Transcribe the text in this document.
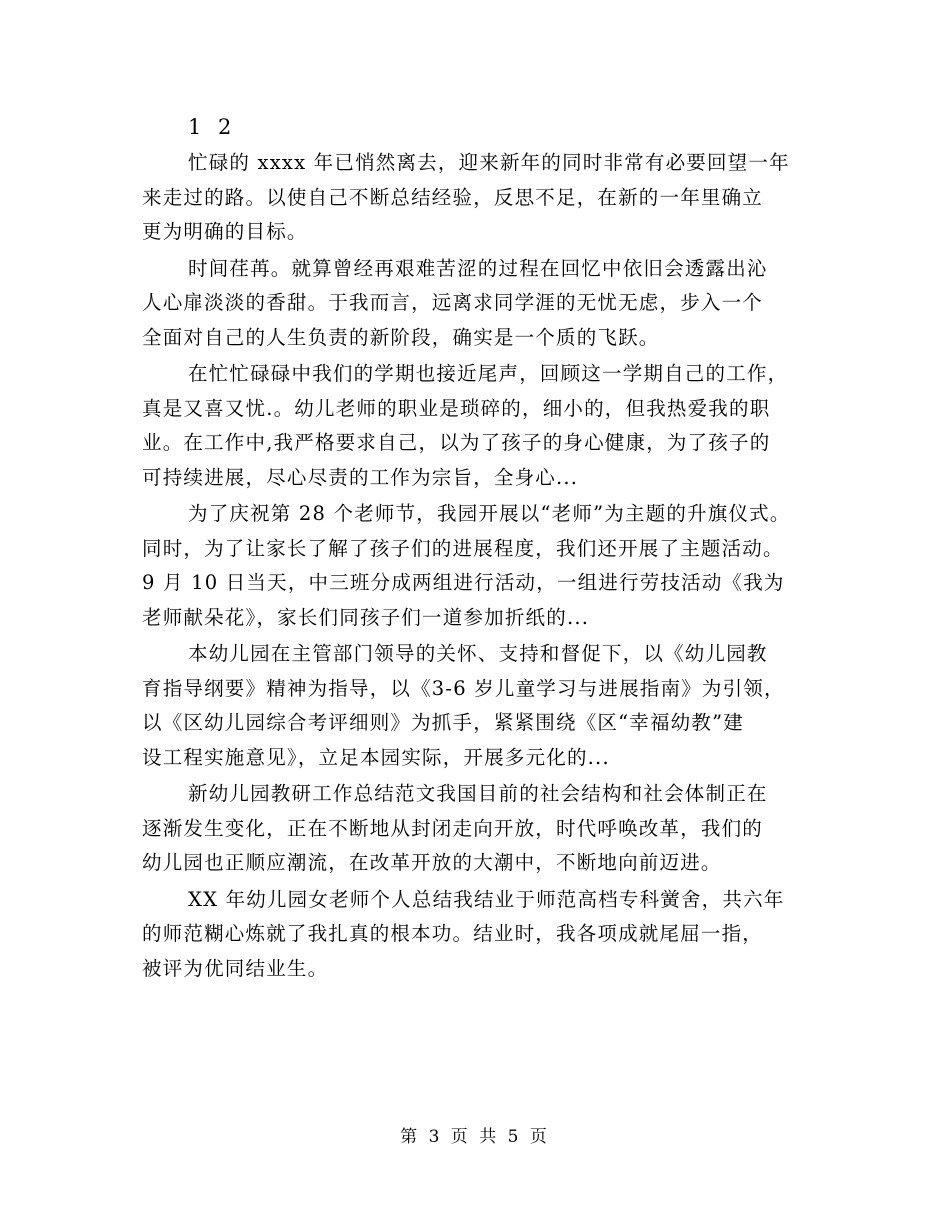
1 2
忙碌的 xxxx 年已悄然离去，迎来新年的同时非常有必要回望一年
来走过的路。以使自己不断总结经验，反思不足，在新的一年里确立
更为明确的目标。
时间荏苒。就算曾经再艰难苦涩的过程在回忆中依旧会透露出沁
人心扉淡淡的香甜。于我而言，远离求同学涯的无忧无虑，步入一个
全面对自己的人生负责的新阶段，确实是一个质的飞跃。
在忙忙碌碌中我们的学期也接近尾声，回顾这一学期自己的工作，
真是又喜又忧.。幼儿老师的职业是琐碎的，细小的，但我热爱我的职
业。在工作中,我严格要求自己，以为了孩子的身心健康，为了孩子的
可持续进展，尽心尽责的工作为宗旨，全身心...
为了庆祝第 28 个老师节，我园开展以“老师”为主题的升旗仪式。
同时，为了让家长了解了孩子们的进展程度，我们还开展了主题活动。
9 月 10 日当天，中三班分成两组进行活动，一组进行劳技活动《我为
老师献朵花》，家长们同孩子们一道参加折纸的...
本幼儿园在主管部门领导的关怀、支持和督促下，以《幼儿园教
育指导纲要》精神为指导，以《3-6 岁儿童学习与进展指南》为引领，
以《区幼儿园综合考评细则》为抓手，紧紧围绕《区“幸福幼教”建
设工程实施意见》，立足本园实际，开展多元化的...
新幼儿园教研工作总结范文我国目前的社会结构和社会体制正在
逐渐发生变化，正在不断地从封闭走向开放，时代呼唤改革，我们的
幼儿园也正顺应潮流，在改革开放的大潮中，不断地向前迈进。
XX 年幼儿园女老师个人总结我结业于师范高档专科黉舍，共六年
的师范糊心炼就了我扎真的根本功。结业时，我各项成就尾屈一指，
被评为优同结业生。
第 3 页 共 5 页
